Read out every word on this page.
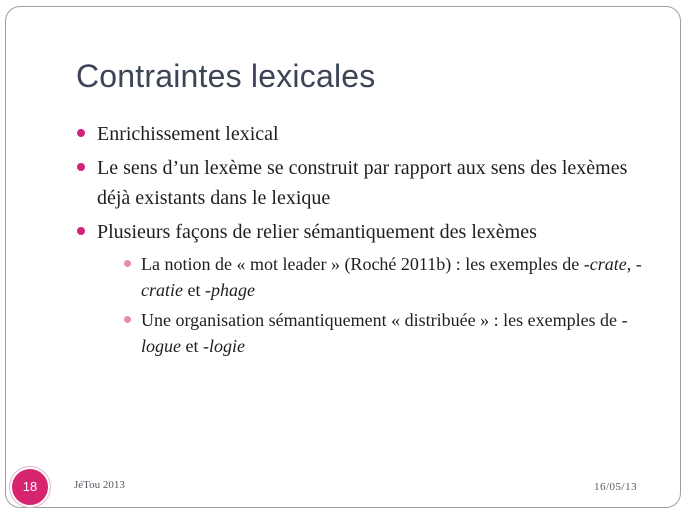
Contraintes lexicales
Enrichissement lexical
Le sens d’un lexème se construit par rapport aux sens des lexèmes déjà existants dans le lexique
Plusieurs façons de relier sémantiquement des lexèmes
La notion de « mot leader » (Roché 2011b) : les exemples de -crate, -cratie et -phage
Une organisation sémantiquement « distribuée » : les exemples de -logue et -logie
JéTou 2013	16/05/13
18
